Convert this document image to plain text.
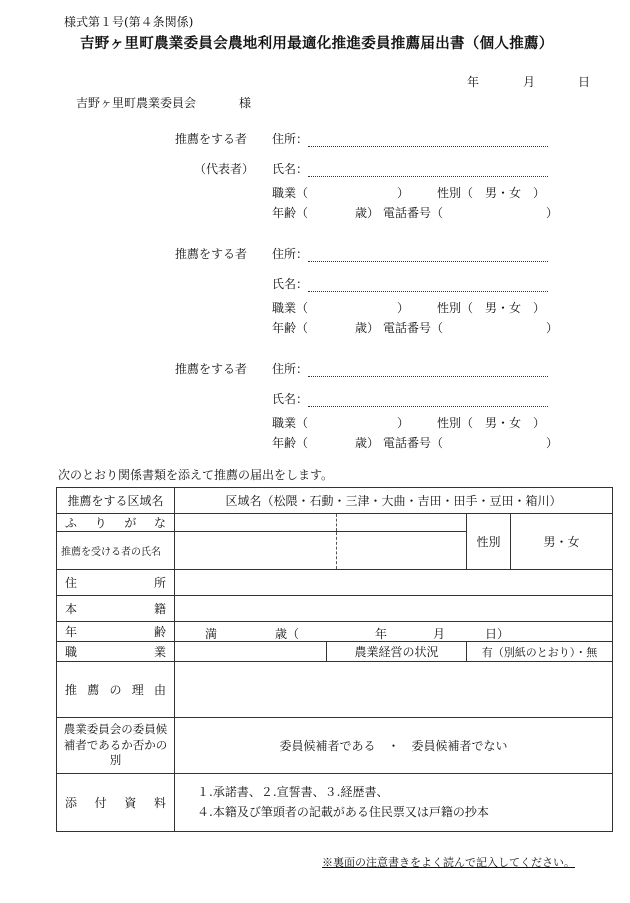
様式第１号(第４条関係)
吉野ヶ里町農業委員会農地利用最適化推進委員推薦届出書（個人推薦）
年	月	日
吉野ヶ里町農業委員会	様
推薦をする者 住所：
（代表者） 氏名：
職業（	） 性別（　男・女　）
年齢（	歳） 電話番号（	）
推薦をする者 住所：
氏名：
職業（	） 性別（　男・女　）
年齢（	歳） 電話番号（	）
推薦をする者 住所：
氏名：
職業（	） 性別（　男・女　）
年齢（	歳） 電話番号（	）
次のとおり関係書類を添えて推薦の届出をします。
推薦をする区域名	区域名（松隈・石動・三津・大曲・吉田・田手・豆田・箱川）				
ふりがな				性別	男・女
推薦を受ける者の氏名					
住所					
本籍					
年齢	満 歳（ 年 月 日）				

職業		農業経営の状況		有（別紙のとおり）・無	
推薦の理由					
農業委員会の委員候補者であるか否かの別	委員候補者である　・　委員候補者でない				
添付資料	１.承諾書、２.宣誓書、３.経歴書、
４.本籍及び筆頭者の記載がある住民票又は戸籍の抄本				
※裏面の注意書きをよく読んで記入してください。
